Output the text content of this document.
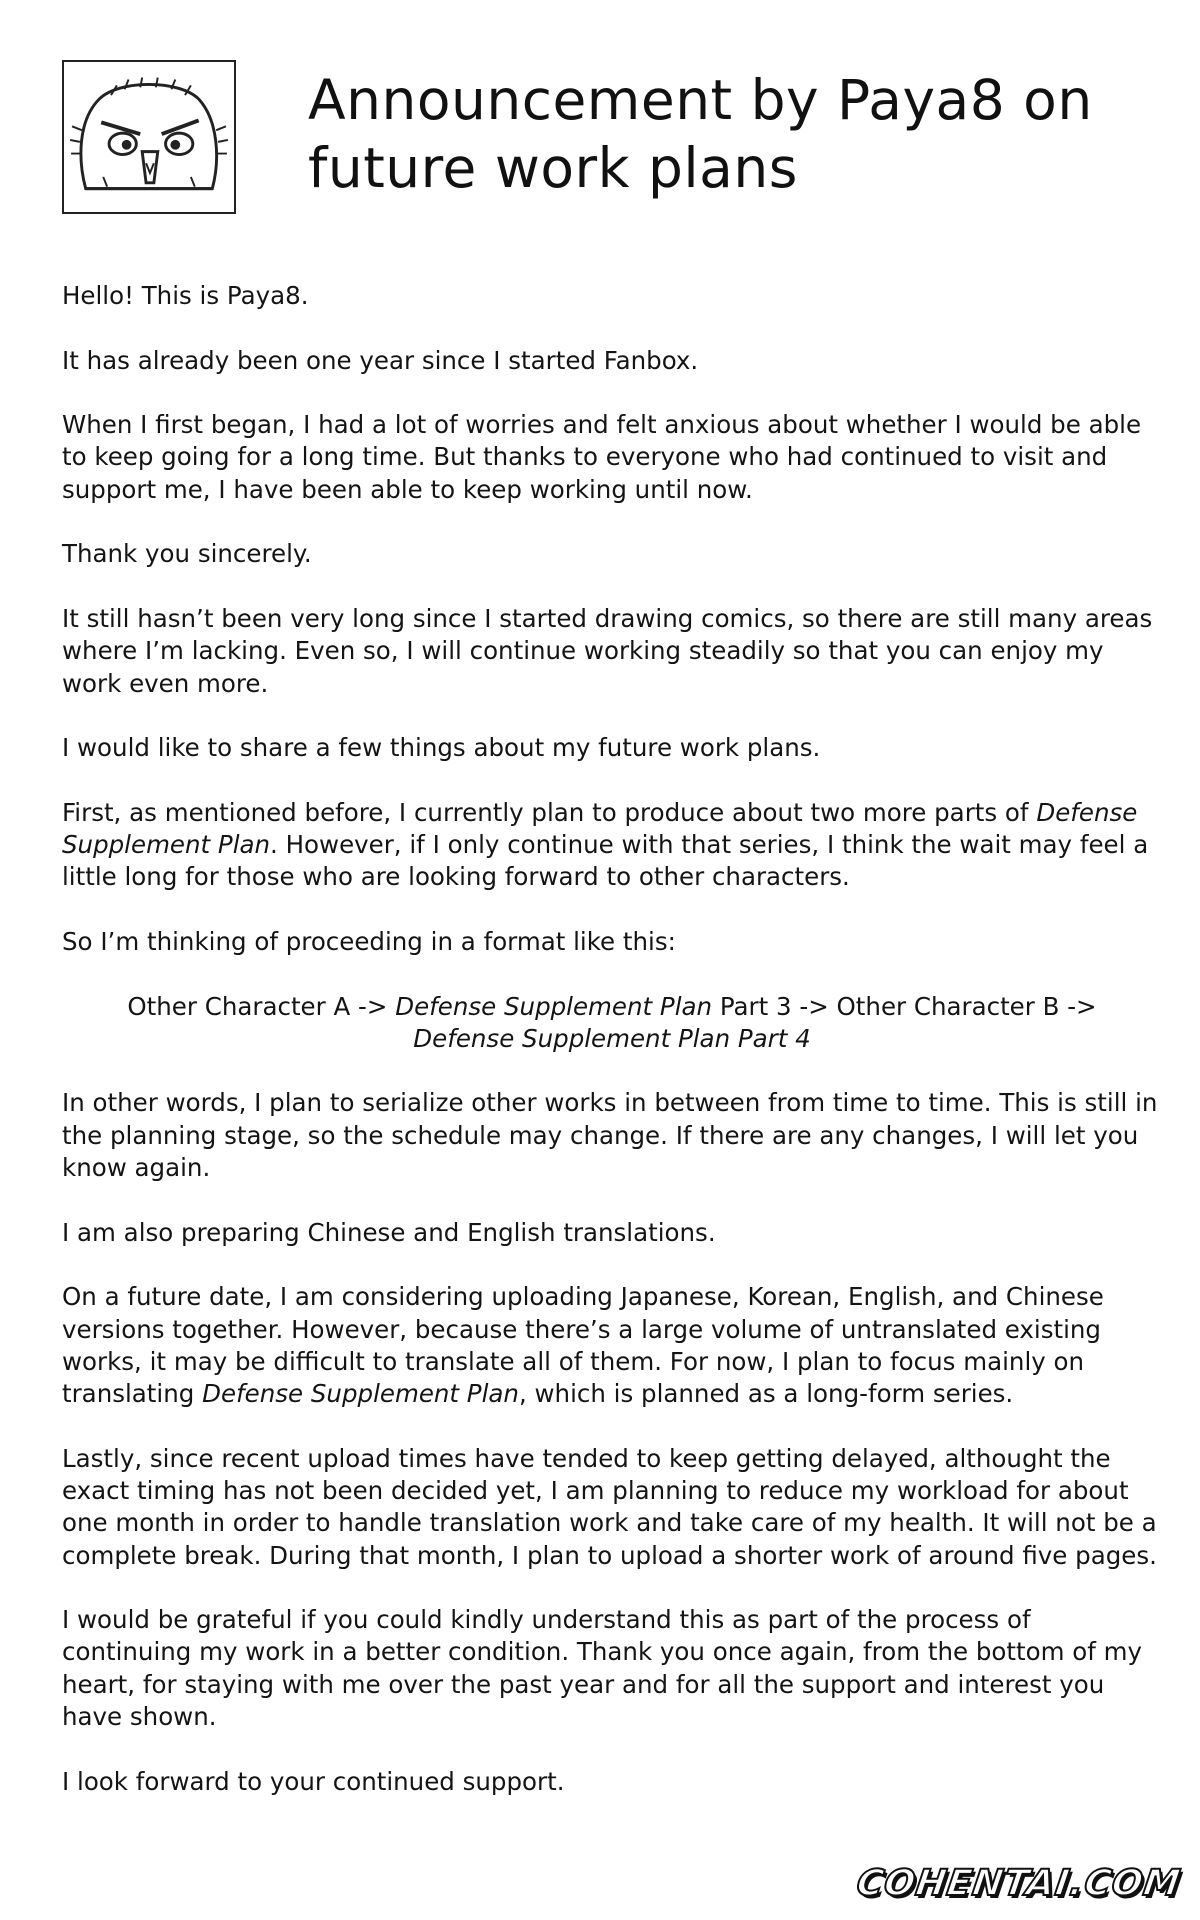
Announcement by Paya8 on
future work plans

Hello! This is Paya8.

It has already been one year since I started Fanbox.

When I first began, I had a lot of worries and felt anxious about whether I would be able to keep going for a long time. But thanks to everyone who had continued to visit and support me, I have been able to keep working until now.

Thank you sincerely.

It still hasn’t been very long since I started drawing comics, so there are still many areas where I’m lacking. Even so, I will continue working steadily so that you can enjoy my work even more.

I would like to share a few things about my future work plans.

First, as mentioned before, I currently plan to produce about two more parts of Defense Supplement Plan. However, if I only continue with that series, I think the wait may feel a little long for those who are looking forward to other characters.

So I’m thinking of proceeding in a format like this:

Other Character A -> Defense Supplement Plan Part 3 -> Other Character B ->
Defense Supplement Plan Part 4

In other words, I plan to serialize other works in between from time to time. This is still in the planning stage, so the schedule may change. If there are any changes, I will let you know again.

I am also preparing Chinese and English translations.

On a future date, I am considering uploading Japanese, Korean, English, and Chinese versions together. However, because there’s a large volume of untranslated existing works, it may be difficult to translate all of them. For now, I plan to focus mainly on translating Defense Supplement Plan, which is planned as a long-form series.

Lastly, since recent upload times have tended to keep getting delayed, althought the exact timing has not been decided yet, I am planning to reduce my workload for about one month in order to handle translation work and take care of my health. It will not be a complete break. During that month, I plan to upload a shorter work of around five pages.

I would be grateful if you could kindly understand this as part of the process of continuing my work in a better condition. Thank you once again, from the bottom of my heart, for staying with me over the past year and for all the support and interest you have shown.

I look forward to your continued support.

COHENTAI.COM
